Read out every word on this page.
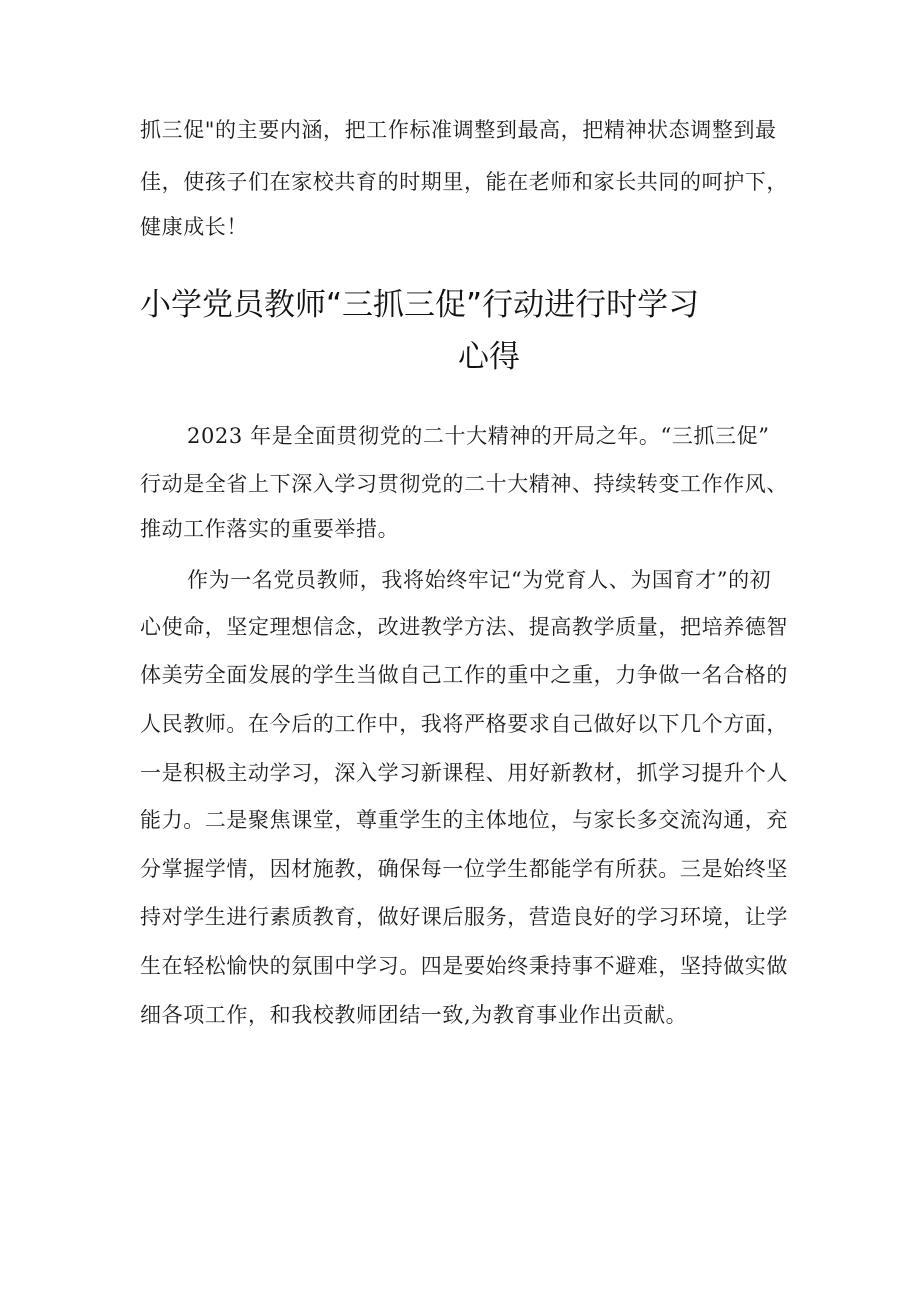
抓三促"的主要内涵，把工作标准调整到最高，把精神状态调整到最
佳，使孩子们在家校共育的时期里，能在老师和家长共同的呵护下，
健康成长！
小学党员教师“三抓三促”行动进行时学习
心得
2023 年是全面贯彻党的二十大精神的开局之年。“三抓三促”
行动是全省上下深入学习贯彻党的二十大精神、持续转变工作作风、
推动工作落实的重要举措。
作为一名党员教师，我将始终牢记“为党育人、为国育才”的初
心使命，坚定理想信念，改进教学方法、提高教学质量，把培养德智
体美劳全面发展的学生当做自己工作的重中之重，力争做一名合格的
人民教师。在今后的工作中，我将严格要求自己做好以下几个方面，
一是积极主动学习，深入学习新课程、用好新教材，抓学习提升个人
能力。二是聚焦课堂，尊重学生的主体地位，与家长多交流沟通，充
分掌握学情，因材施教，确保每一位学生都能学有所获。三是始终坚
持对学生进行素质教育，做好课后服务，营造良好的学习环境，让学
生在轻松愉快的氛围中学习。四是要始终秉持事不避难，坚持做实做
细各项工作，和我校教师团结一致,为教育事业作出贡献。
